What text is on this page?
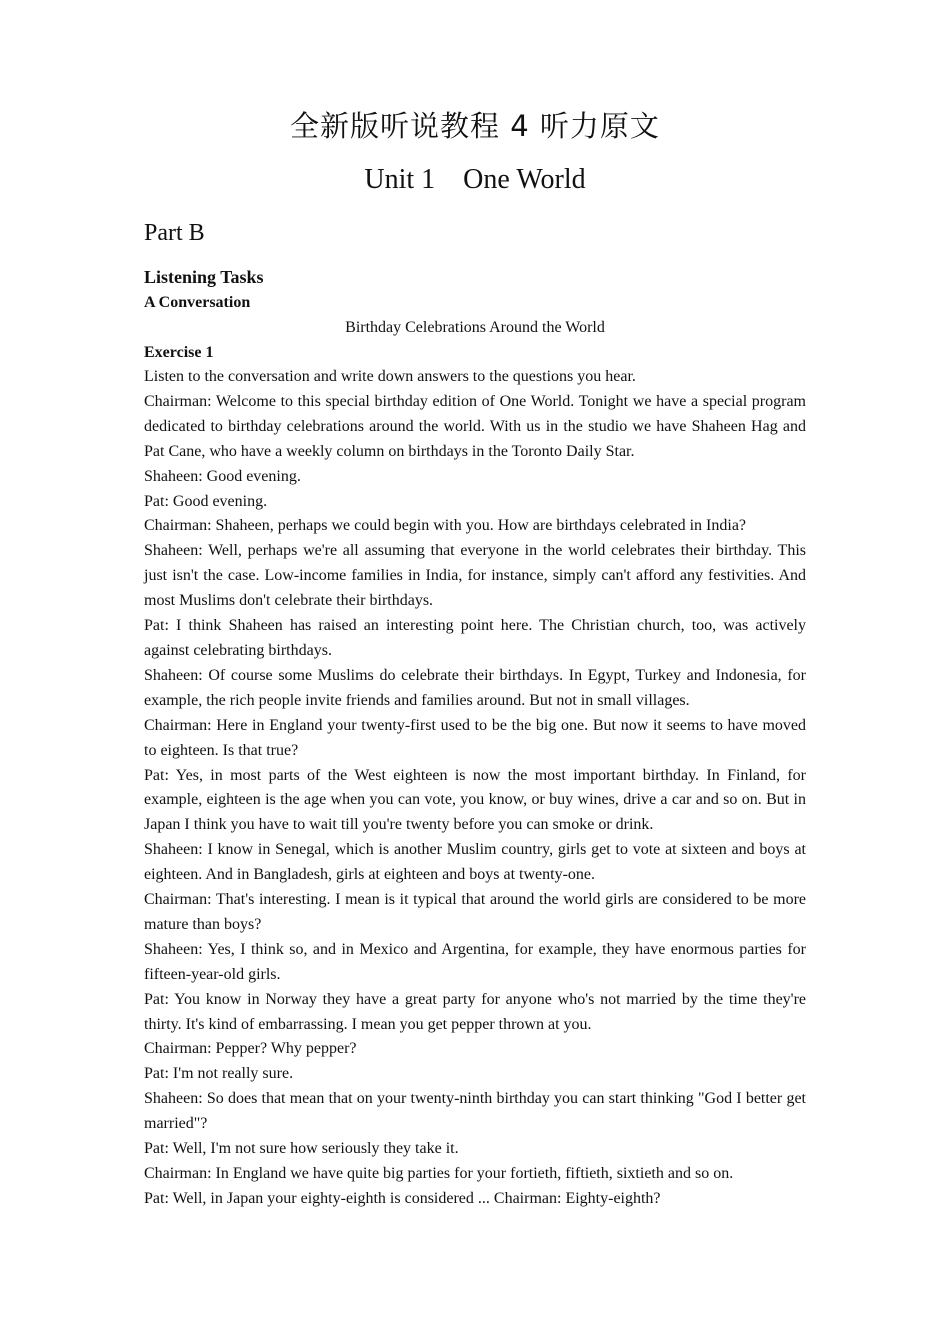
全新版听说教程 4 听力原文
Unit 1    One World
Part B

Listening Tasks

A Conversation

Birthday Celebrations Around the World

Exercise 1

Listen to the conversation and write down answers to the questions you hear.

Chairman: Welcome to this special birthday edition of One World. Tonight we have a special program dedicated to birthday celebrations around the world. With us in the studio we have Shaheen Hag and Pat Cane, who have a weekly column on birthdays in the Toronto Daily Star.

Shaheen: Good evening.

Pat: Good evening.

Chairman: Shaheen, perhaps we could begin with you. How are birthdays celebrated in India?

Shaheen: Well, perhaps we're all assuming that everyone in the world celebrates their birthday. This just isn't the case. Low-income families in India, for instance, simply can't afford any festivities. And most Muslims don't celebrate their birthdays.

Pat: I think Shaheen has raised an interesting point here. The Christian church, too, was actively against celebrating birthdays.

Shaheen: Of course some Muslims do celebrate their birthdays. In Egypt, Turkey and Indonesia, for example, the rich people invite friends and families around. But not in small villages.

Chairman: Here in England your twenty-first used to be the big one. But now it seems to have moved to eighteen. Is that true?

Pat: Yes, in most parts of the West eighteen is now the most important birthday. In Finland, for example, eighteen is the age when you can vote, you know, or buy wines, drive a car and so on. But in Japan I think you have to wait till you're twenty before you can smoke or drink.

Shaheen: I know in Senegal, which is another Muslim country, girls get to vote at sixteen and boys at eighteen. And in Bangladesh, girls at eighteen and boys at twenty-one.

Chairman: That's interesting. I mean is it typical that around the world girls are considered to be more mature than boys?

Shaheen: Yes, I think so, and in Mexico and Argentina, for example, they have enormous parties for fifteen-year-old girls.

Pat: You know in Norway they have a great party for anyone who's not married by the time they're thirty. It's kind of embarrassing. I mean you get pepper thrown at you.

Chairman: Pepper? Why pepper?

Pat: I'm not really sure.

Shaheen: So does that mean that on your twenty-ninth birthday you can start thinking "God I better get married"?

Pat: Well, I'm not sure how seriously they take it.

Chairman: In England we have quite big parties for your fortieth, fiftieth, sixtieth and so on.

Pat: Well, in Japan your eighty-eighth is considered ... Chairman: Eighty-eighth?
